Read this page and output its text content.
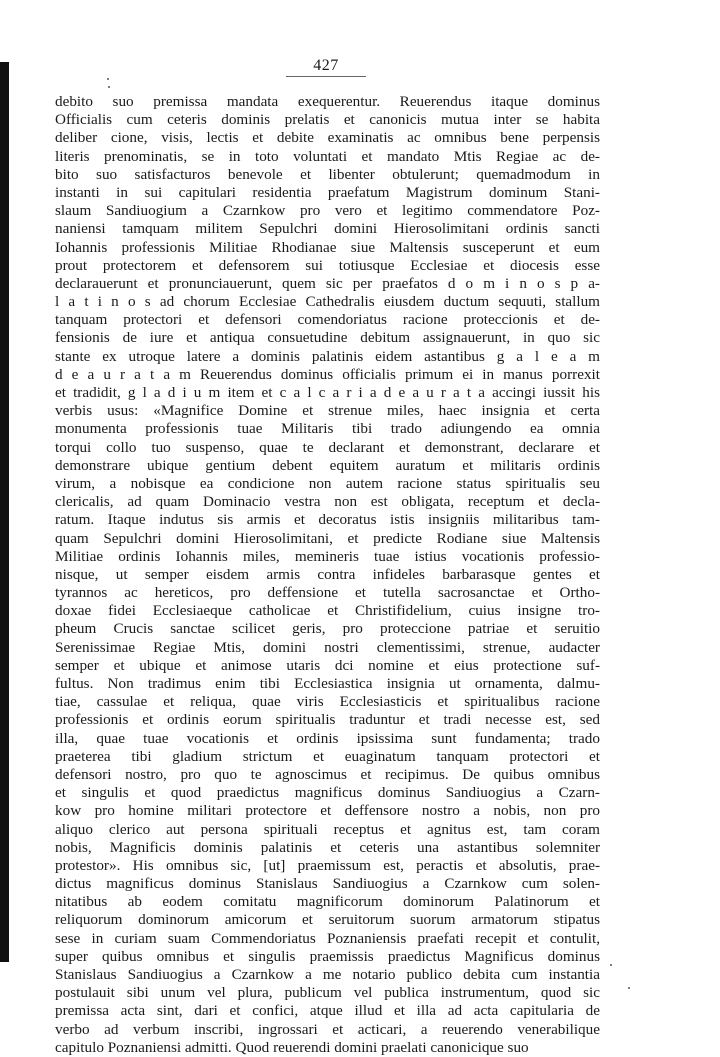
427
debito suo premissa mandata exequerentur. Reuerendus itaque dominus
Officialis cum ceteris dominis prelatis et canonicis mutua inter se habita
deliber cione, visis, lectis et debite examinatis ac omnibus bene perpensis
literis prenominatis, se in toto voluntati et mandato Mtis Regiae ac de-
bito suo satisfacturos benevole et libenter obtulerunt; quemadmodum in
instanti in sui capitulari residentia praefatum Magistrum dominum Stani-
slaum Sandiuogium a Czarnkow pro vero et legitimo commendatore Poz-
naniensi tamquam militem Sepulchri domini Hierosolimitani ordinis sancti
Iohannis professionis Militiae Rhodianae siue Maltensis susceperunt et eum
prout protectorem et defensorem sui totiusque Ecclesiae et diocesis esse
declarauerunt et pronunciauerunt, quem sic per praefatos d o m i n o s p a-
l a t i n o s ad chorum Ecclesiae Cathedralis eiusdem ductum sequuti, stallum
tanquam protectori et defensori comendoriatus racione proteccionis et de-
fensionis de iure et antiqua consuetudine debitum assignauerunt, in quo sic
stante ex utroque latere a dominis palatinis eidem astantibus g a l e a m
d e a u r a t a m Reuerendus dominus officialis primum ei in manus porrexit
et tradidit, g l a d i u m item et c a l c a r i a d e a u r a t a accingi iussit his
verbis usus: «Magnifice Domine et strenue miles, haec insignia et certa
monumenta professionis tuae Militaris tibi trado adiungendo ea omnia
torqui collo tuo suspenso, quae te declarant et demonstrant, declarare et
demonstrare ubique gentium debent equitem auratum et militaris ordinis
virum, a nobisque ea condicione non autem racione status spiritualis seu
clericalis, ad quam Dominacio vestra non est obligata, receptum et decla-
ratum. Itaque indutus sis armis et decoratus istis insigniis militaribus tam-
quam Sepulchri domini Hierosolimitani, et predicte Rodiane siue Maltensis
Militiae ordinis Iohannis miles, memineris tuae istius vocationis professio-
nisque, ut semper eisdem armis contra infideles barbarasque gentes et
tyrannos ac hereticos, pro deffensione et tutella sacrosanctae et Ortho-
doxae fidei Ecclesiaeque catholicae et Christifidelium, cuius insigne tro-
pheum Crucis sanctae scilicet geris, pro proteccione patriae et seruitio
Serenissimae Regiae Mtis, domini nostri clementissimi, strenue, audacter
semper et ubique et animose utaris dci nomine et eius protectione suf-
fultus. Non tradimus enim tibi Ecclesiastica insignia ut ornamenta, dalmu-
tiae, cassulae et reliqua, quae viris Ecclesiasticis et spiritualibus racione
professionis et ordinis eorum spiritualis traduntur et tradi necesse est, sed
illa, quae tuae vocationis et ordinis ipsissima sunt fundamenta; trado
praeterea tibi gladium strictum et euaginatum tanquam protectori et
defensori nostro, pro quo te agnoscimus et recipimus. De quibus omnibus
et singulis et quod praedictus magnificus dominus Sandiuogius a Czarn-
kow pro homine militari protectore et deffensore nostro a nobis, non pro
aliquo clerico aut persona spirituali receptus et agnitus est, tam coram
nobis, Magnificis dominis palatinis et ceteris una astantibus solemniter
protestor». His omnibus sic, [ut] praemissum est, peractis et absolutis, prae-
dictus magnificus dominus Stanislaus Sandiuogius a Czarnkow cum solen-
nitatibus ab eodem comitatu magnificorum dominorum Palatinorum et
reliquorum dominorum amicorum et seruitorum suorum armatorum stipatus
sese in curiam suam Commendoriatus Poznaniensis praefati recepit et contulit,
super quibus omnibus et singulis praemissis praedictus Magnificus dominus
Stanislaus Sandiuogius a Czarnkow a me notario publico debita cum instantia
postulauit sibi unum vel plura, publicum vel publica instrumentum, quod sic
premissa acta sint, dari et confici, atque illud et illa ad acta capitularia de
verbo ad verbum inscribi, ingrossari et acticari, a reuerendo venerabilique
capitulo Poznaniensi admitti. Quod reuerendi domini praelati canonicique suo
